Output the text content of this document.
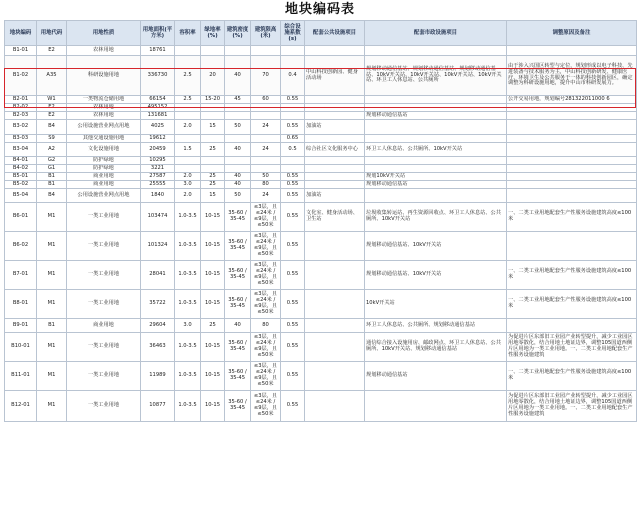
地块编码表
地块编码	用地代码	用地性质	用地面积(平方米)	容积率	绿地率(%)	建筑密度(%)	建筑限高(米)	综合设施系数(s)	配套公共设施项目	配套市政设施项目	调整原因及备注
B1-01	E2	农林用地	18761								
B1-02	A35	科研设施用地	336730	2.5	20	40	70	0.4	中山科技创新园、健身活动场	规划移动通信基站、规划移动通信基站、规划移动通信基站、10kV开关站、10kV开关站、10kV开关站、10kV开关站、环卫工人休息站、公共厕所	由于涉入兴国区转型与定位，规划形成以电子科技、先进装备与技术服务为主，中山科技创新研发、健康医疗、环境卫生及公共服务于一体的科技创新园区，确定调整为科研设施用地，提升中山市科研发展力。
B2-01	W1	一类物流仓储用地	66154	2.5	15-20	45	60	0.55			公开交易用地，规划编号281322011000 6
B2-02	E2	农林用地	495152								
B2-03	E2	农林用地	131681							规划移动通信基站	
B3-02	B4	公用设施营业网点用地	4025	2.0	15	50	24	0.55	加油站		
B3-03	S9	其他交通设施用地	19612					0.65			
B3-04	A2	文化设施用地	20459	1.5	25	40	24	0.5	综合社区文化服务中心	环卫工人休息站、公共厕所、10kV开关站	
B4-01	G2	防护绿地	10295								
B4-02	G1	防护绿地	3221								
B5-01	B1	商业用地	27587	2.0	25	40	50	0.55		规划10kV开关站	
B5-02	B1	商业用地	25555	3.0	25	40	80	0.55		规划移动通信基站	
B5-04	B4	公用设施营业网点用地	1840	2.0	15	50	24	0.55	加油站		
B6-01	M1	一类工业用地	103474	1.0-3.5	10-15	35-60 / 35-45	≤3层，且≤24米 / ≤9层，且≤50米	0.55	文化室、健身活动场、卫生站	垃圾收集转运站、再生资源回收点、环卫工人休息站、公共厕所、10kV开关站	一、二类工业用地配套生产性服务设施建筑高度≤100米
B6-02	M1	一类工业用地	101324	1.0-3.5	10-15	35-60 / 35-45	≤3层，且≤24米 / ≤9层，且≤50米	0.55		规划移动通信基站、10kV开关站	
B7-01	M1	一类工业用地	28041	1.0-3.5	10-15	35-60 / 35-45	≤3层，且≤24米 / ≤9层，且≤50米	0.55		规划移动通信基站、10kV开关站	一、二类工业用地配套生产性服务设施建筑高度≤100米
B8-01	M1	一类工业用地	35722	1.0-3.5	10-15	35-60 / 35-45	≤3层，且≤24米 / ≤9层，且≤50米	0.55		10kV开关站	一、二类工业用地配套生产性服务设施建筑高度≤100米
B9-01	B1	商业用地	29604	3.0	25	40	80	0.55		环卫工人休息站、公共厕所、规划移动通信基站	
B10-01	M1	一类工业用地	36463	1.0-3.5	10-15	35-60 / 35-45	≤3层，且≤24米 / ≤9层，且≤50米	0.55		通信综合接入设施用房、邮政网点、环卫工人休息站、公共厕所、10kV开关站、规划移动通信基站	为促进片区东部旧工业园产业转型提升，减少工业园区用地零散化，结合用地土地证边界，调整105国道西侧片区用地为一类工业用地。一、二类工业用地配套生产性服务设施建筑
B11-01	M1	一类工业用地	11989	1.0-3.5	10-15	35-60 / 35-45	≤3层，且≤24米 / ≤9层，且≤50米	0.55		规划移动通信基站	一、二类工业用地配套生产性服务设施建筑高度≤100米
B12-01	M1	一类工业用地	10877	1.0-3.5	10-15	35-60 / 35-45	≤3层，且≤24米 / ≤9层，且≤50米	0.55			为促进片区东部旧工业园产业转型提升，减少工业园区用地零散化，结合用地土地证边界，调整105国道西侧片区用地为一类工业用地。一、二类工业用地配套生产性服务设施建筑
